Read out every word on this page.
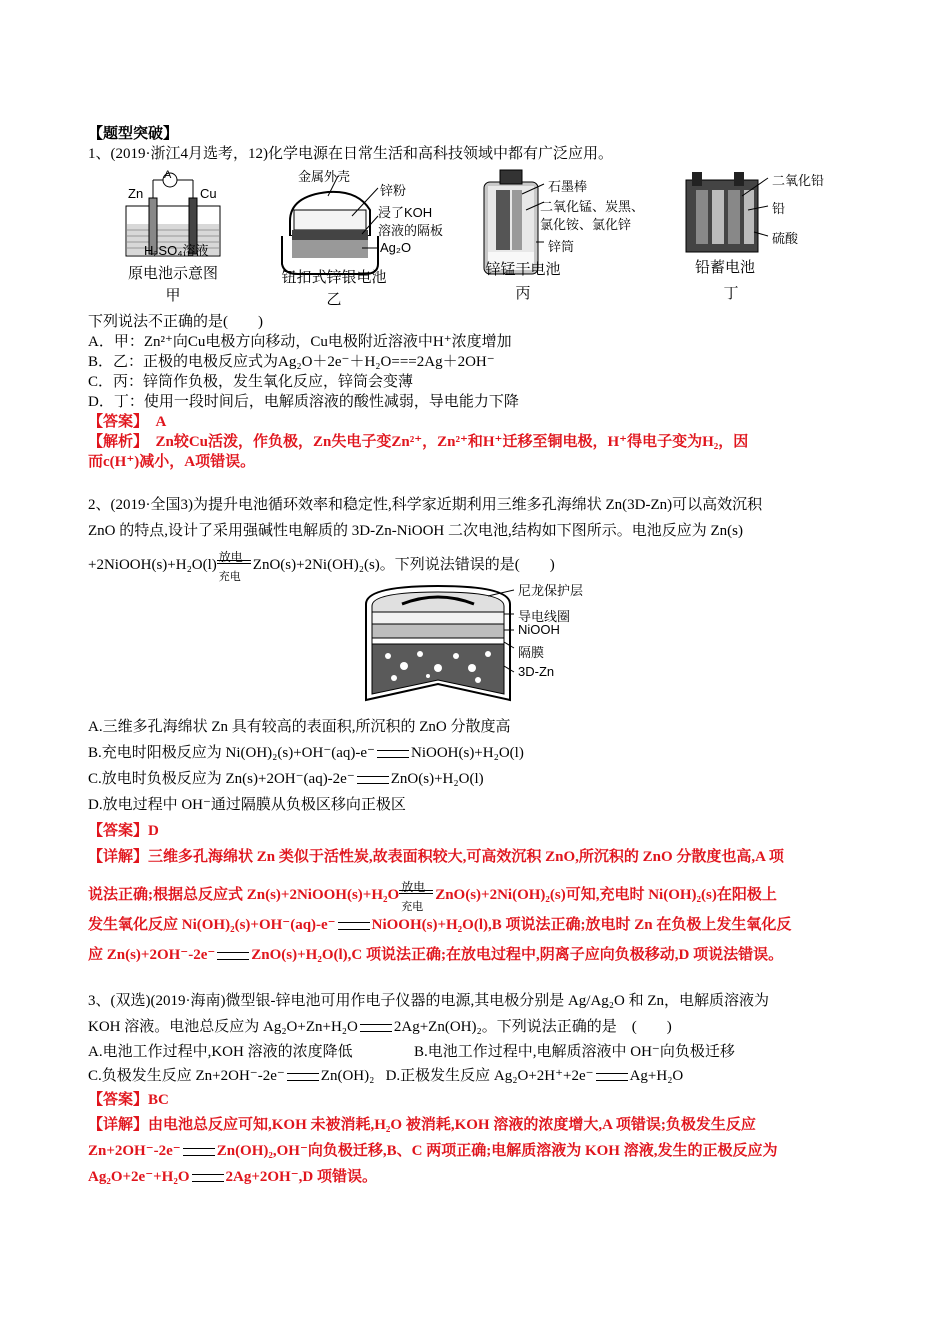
【题型突破】
1、(2019·浙江4月选考，12)化学电源在日常生活和高科技领域中都有广泛应用。
A
Zn	Cu
H₂SO₄溶液
原电池示意图
甲
金属外壳
锌粉
浸了KOH
溶液的隔板
Ag₂O
钮扣式锌银电池
乙
石墨棒
二氧化锰、炭黑、
氯化铵、氯化锌
锌筒
锌锰干电池
丙
二氧化铅
铅
硫酸
铅蓄电池
丁
下列说法不正确的是(　　)
A．甲：Zn²⁺向Cu电极方向移动，Cu电极附近溶液中H⁺浓度增加
B．乙：正极的电极反应式为Ag₂O＋2e⁻＋H₂O===2Ag＋2OH⁻
C．丙：锌筒作负极，发生氧化反应，锌筒会变薄
D．丁：使用一段时间后，电解质溶液的酸性减弱，导电能力下降
【答案】　A
【解析】　Zn较Cu活泼，作负极，Zn失电子变Zn²⁺，Zn²⁺和H⁺迁移至铜电极，H⁺得电子变为H₂，因
而c(H⁺)减小，A项错误。
2、(2019·全国3)为提升电池循环效率和稳定性,科学家近期利用三维多孔海绵状 Zn(3D-Zn)可以高效沉积
ZnO 的特点,设计了采用强碱性电解质的 3D-Zn-NiOOH 二次电池,结构如下图所示。电池反应为 Zn(s)
+2NiOOH(s)+H₂O(l) 放电
充电
ZnO(s)+2Ni(OH)₂(s)。下列说法错误的是(　　)
尼龙保护层
导电线圈
NiOOH
隔膜
3D-Zn
A.三维多孔海绵状 Zn 具有较高的表面积,所沉积的 ZnO 分散度高
B.充电时阳极反应为 Ni(OH)₂(s)+OH⁻(aq)-e⁻ NiOOH(s)+H₂O(l)
C.放电时负极反应为 Zn(s)+2OH⁻(aq)-2e⁻ ZnO(s)+H₂O(l)
D.放电过程中 OH⁻通过隔膜从负极区移向正极区
【答案】D
【详解】三维多孔海绵状 Zn 类似于活性炭,故表面积较大,可高效沉积 ZnO,所沉积的 ZnO 分散度也高,A 项
说法正确;根据总反应式 Zn(s)+2NiOOH(s)+H₂O 放电
充电
ZnO(s)+2Ni(OH)₂(s)可知,充电时 Ni(OH)₂(s)在阳极上
发生氧化反应 Ni(OH)₂(s)+OH⁻(aq)-e⁻ NiOOH(s)+H₂O(l),B 项说法正确;放电时 Zn 在负极上发生氧化反
应 Zn(s)+2OH⁻-2e⁻ ZnO(s)+H₂O(l),C 项说法正确;在放电过程中,阴离子应向负极移动,D 项说法错误。
3、(双选)(2019·海南)微型银-锌电池可用作电子仪器的电源,其电极分别是 Ag/Ag₂O 和 Zn，电解质溶液为
KOH 溶液。电池总反应为 Ag₂O+Zn+H₂O 2Ag+Zn(OH)₂。下列说法正确的是　(　　)
A.电池工作过程中,KOH 溶液的浓度降低	B.电池工作过程中,电解质溶液中 OH⁻向负极迁移
C.负极发生反应 Zn+2OH⁻-2e⁻ Zn(OH)₂ D.正极发生反应 Ag₂O+2H⁺+2e⁻ Ag+H₂O
【答案】BC
【详解】由电池总反应可知,KOH 未被消耗,H₂O 被消耗,KOH 溶液的浓度增大,A 项错误;负极发生反应
Zn+2OH⁻-2e⁻ Zn(OH)₂,OH⁻向负极迁移,B、C 两项正确;电解质溶液为 KOH 溶液,发生的正极反应为
Ag₂O+2e⁻+H₂O 2Ag+2OH⁻,D 项错误。
